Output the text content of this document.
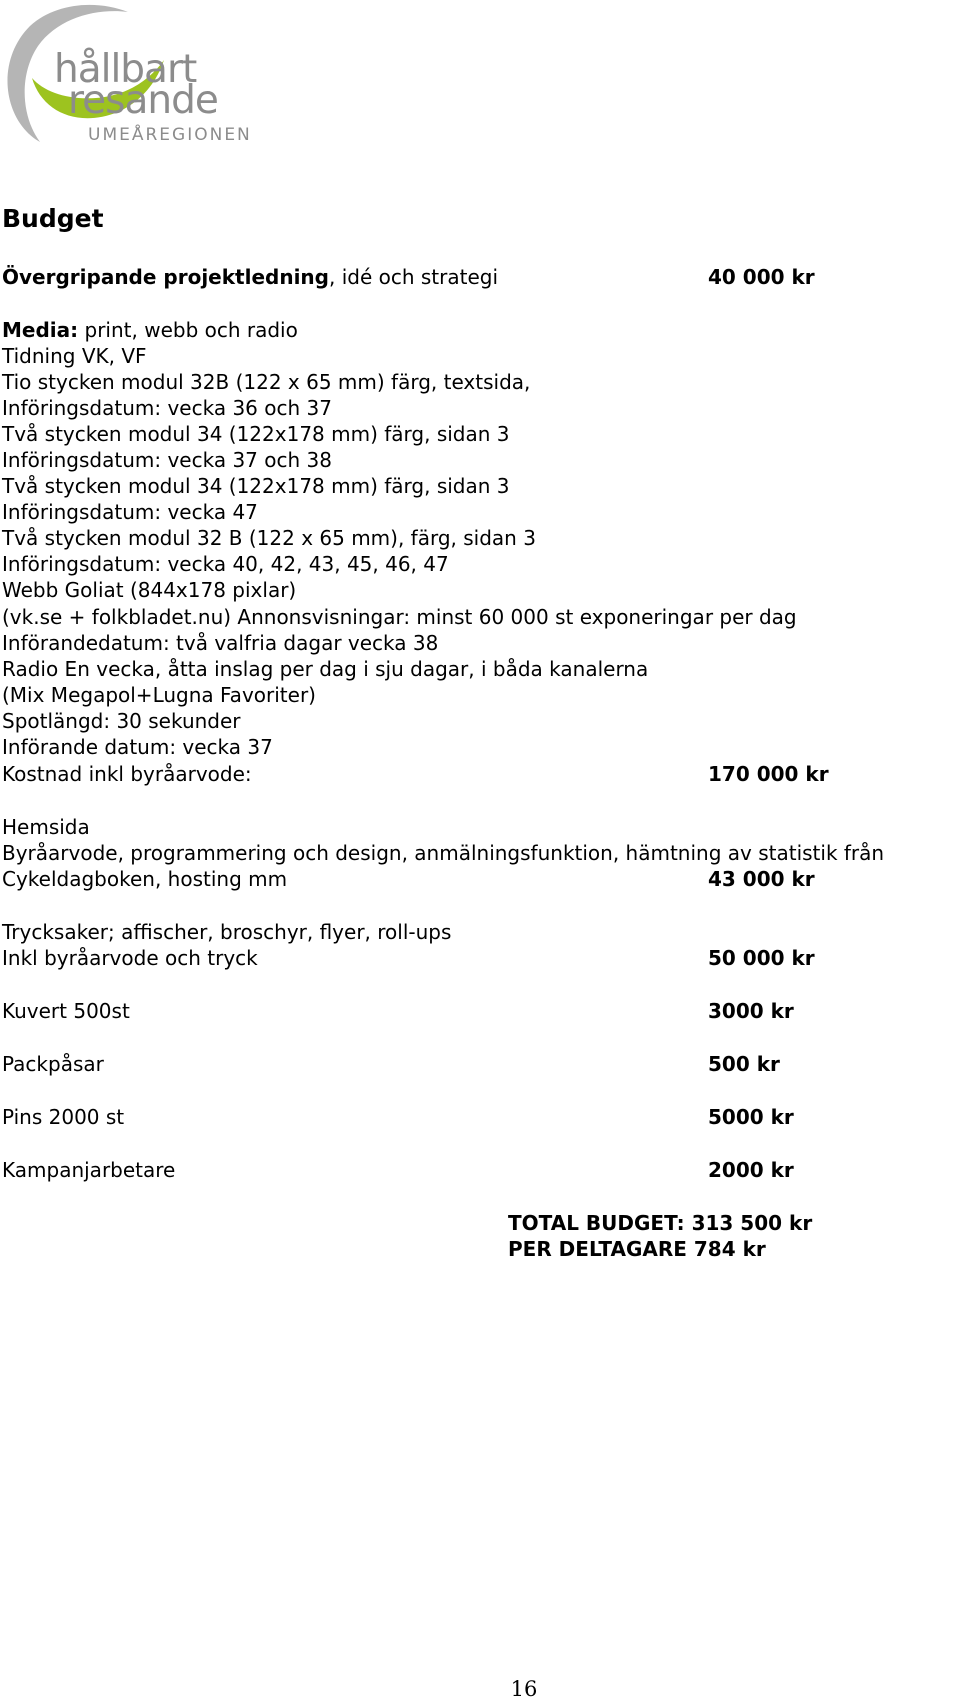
hållbart
resande
UMEÅREGIONEN
Budget
Övergripande projektledning, idé och strategi	40 000 kr
Media: print, webb och radio
Tidning VK, VF
Tio stycken modul 32B (122 x 65 mm) färg, textsida,
Införingsdatum: vecka 36 och 37
Två stycken modul 34 (122x178 mm) färg, sidan 3
Införingsdatum: vecka 37 och 38
Två stycken modul 34 (122x178 mm) färg, sidan 3
Införingsdatum: vecka 47
Två stycken modul 32 B (122 x 65 mm), färg, sidan 3
Införingsdatum: vecka 40, 42, 43, 45, 46, 47
Webb Goliat (844x178 pixlar)
(vk.se + folkbladet.nu) Annonsvisningar: minst 60 000 st exponeringar per dag
Införandedatum: två valfria dagar vecka 38
Radio En vecka, åtta inslag per dag i sju dagar, i båda kanalerna
(Mix Megapol+Lugna Favoriter)
Spotlängd: 30 sekunder
Införande datum: vecka 37
Kostnad inkl byråarvode:	170 000 kr
Hemsida
Byråarvode, programmering och design, anmälningsfunktion, hämtning av statistik från
Cykeldagboken, hosting mm	43 000 kr
Trycksaker; affischer, broschyr, flyer, roll-ups
Inkl byråarvode och tryck	50 000 kr
Kuvert 500st	3000 kr
Packpåsar	500 kr
Pins 2000 st	5000 kr
Kampanjarbetare	2000 kr
TOTAL BUDGET: 313 500 kr
PER DELTAGARE 784 kr
16
